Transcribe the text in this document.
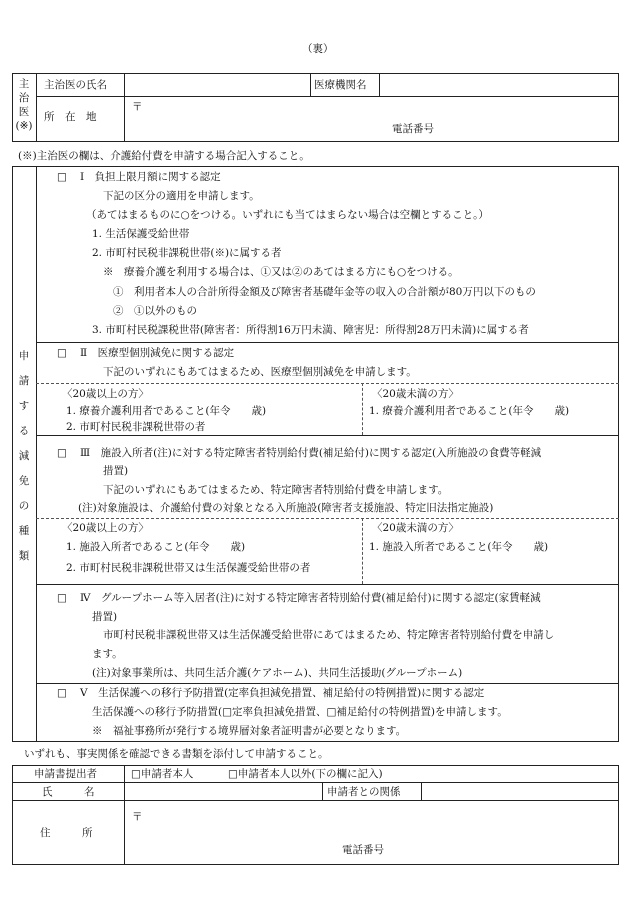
（裏）
主
治
医
(※)
主治医の氏名	医療機関名
所　在　地
〒
電話番号
(※)主治医の欄は、介護給付費を申請する場合記入すること。
申
請
す
る
減
免
の
種
類
□ Ⅰ　負担上限月額に関する認定
下記の区分の適用を申請します。
（あてはまるものに○をつける。いずれにも当てはまらない場合は空欄とすること。）
1. 生活保護受給世帯
2. 市町村民税非課税世帯(※)に属する者
※　療養介護を利用する場合は、①又は②のあてはまる方にも○をつける。
①　利用者本人の合計所得金額及び障害者基礎年金等の収入の合計額が80万円以下のもの
②　①以外のもの
3. 市町村民税課税世帯(障害者：所得割16万円未満、障害児：所得割28万円未満)に属する者
□ Ⅱ　医療型個別減免に関する認定
下記のいずれにもあてはまるため、医療型個別減免を申請します。
〈20歳以上の方〉
1. 療養介護利用者であること(年令　　歳)
2. 市町村民税非課税世帯の者
〈20歳未満の方〉
1. 療養介護利用者であること(年令　　歳)
□ Ⅲ　施設入所者(注)に対する特定障害者特別給付費(補足給付)に関する認定(入所施設の食費等軽減
措置)
下記のいずれにもあてはまるため、特定障害者特別給付費を申請します。
(注)対象施設は、介護給付費の対象となる入所施設(障害者支援施設、特定旧法指定施設)
〈20歳以上の方〉
1. 施設入所者であること(年令　　歳)
2. 市町村民税非課税世帯又は生活保護受給世帯の者
〈20歳未満の方〉
1. 施設入所者であること(年令　　歳)
□ Ⅳ　グループホーム等入居者(注)に対する特定障害者特別給付費(補足給付)に関する認定(家賃軽減
措置)
市町村民税非課税世帯又は生活保護受給世帯にあてはまるため、特定障害者特別給付費を申請し
ます。
(注)対象事業所は、共同生活介護(ケアホーム)、共同生活援助(グループホーム)
□ Ⅴ　生活保護への移行予防措置(定率負担減免措置、補足給付の特例措置)に関する認定
生活保護への移行予防措置(□定率負担減免措置、□補足給付の特例措置)を申請します。
※　福祉事務所が発行する境界層対象者証明書が必要となります。
いずれも、事実関係を確認できる書類を添付して申請すること。
申請書提出者	□申請者本人	□申請者本人以外(下の欄に記入)
氏　　　名	申請者との関係
住　　　所
〒
電話番号
